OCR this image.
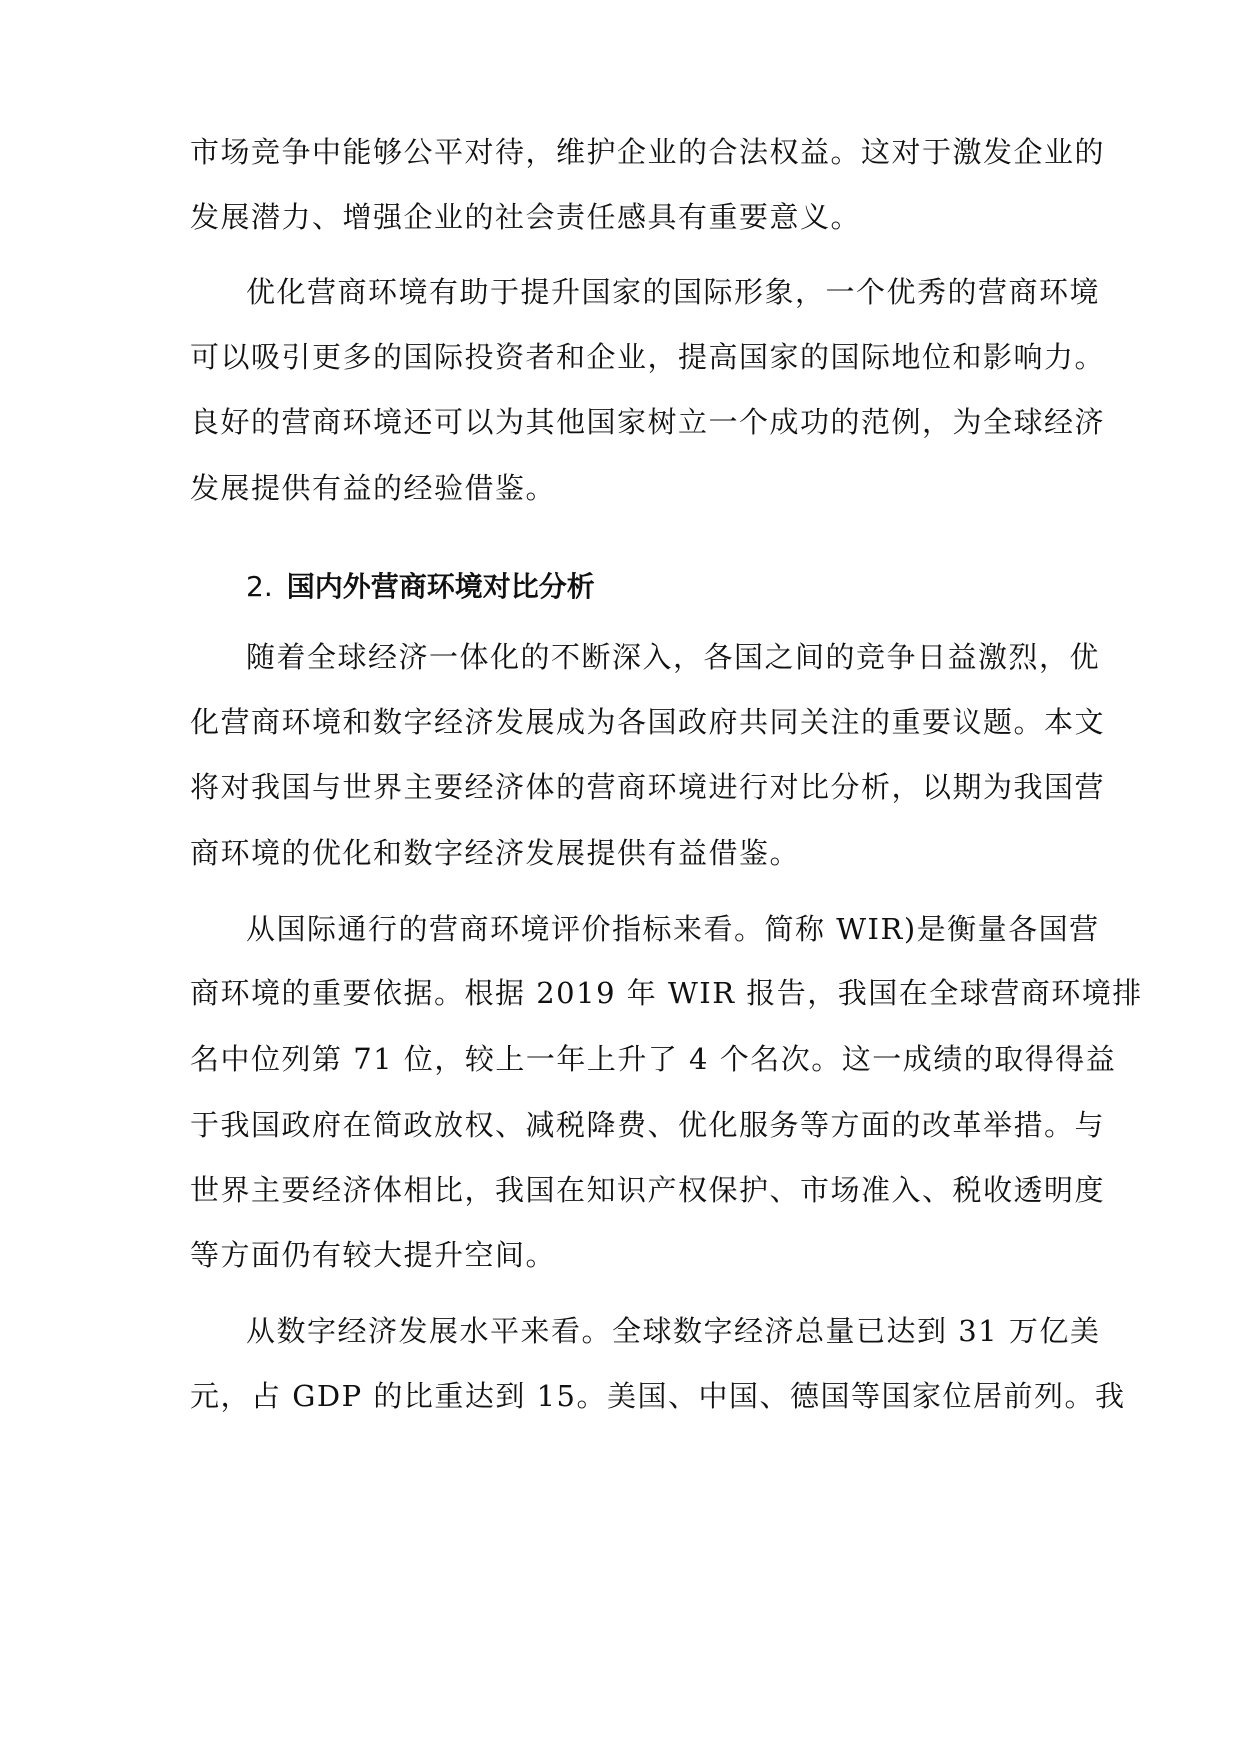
市场竞争中能够公平对待，维护企业的合法权益。这对于激发企业的
发展潜力、增强企业的社会责任感具有重要意义。
优化营商环境有助于提升国家的国际形象，一个优秀的营商环境
可以吸引更多的国际投资者和企业，提高国家的国际地位和影响力。
良好的营商环境还可以为其他国家树立一个成功的范例，为全球经济
发展提供有益的经验借鉴。
2. 国内外营商环境对比分析
随着全球经济一体化的不断深入，各国之间的竞争日益激烈，优
化营商环境和数字经济发展成为各国政府共同关注的重要议题。本文
将对我国与世界主要经济体的营商环境进行对比分析，以期为我国营
商环境的优化和数字经济发展提供有益借鉴。
从国际通行的营商环境评价指标来看。简称 WIR)是衡量各国营
商环境的重要依据。根据 2019 年 WIR 报告，我国在全球营商环境排
名中位列第 71 位，较上一年上升了 4 个名次。这一成绩的取得得益
于我国政府在简政放权、减税降费、优化服务等方面的改革举措。与
世界主要经济体相比，我国在知识产权保护、市场准入、税收透明度
等方面仍有较大提升空间。
从数字经济发展水平来看。全球数字经济总量已达到 31 万亿美
元，占 GDP 的比重达到 15。美国、中国、德国等国家位居前列。我
